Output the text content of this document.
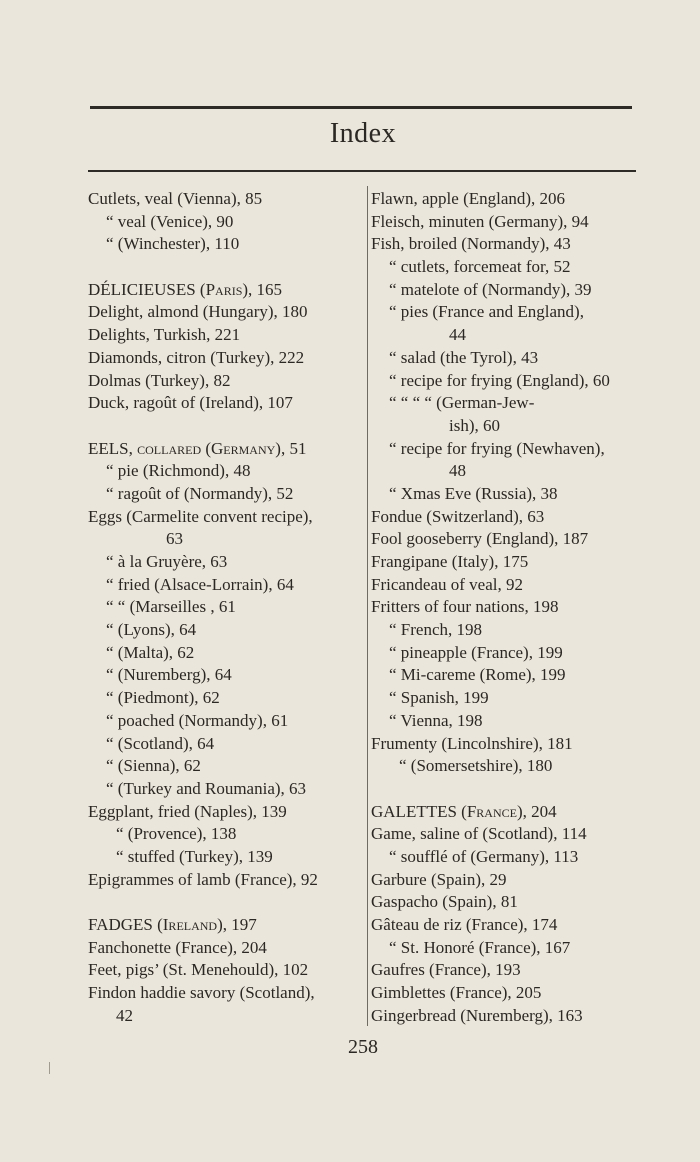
Index
Cutlets, veal (Vienna), 85
“ veal (Venice), 90
“ (Winchester), 110
DÉLICIEUSES (Paris), 165
Delight, almond (Hungary), 180
Delights, Turkish, 221
Diamonds, citron (Turkey), 222
Dolmas (Turkey), 82
Duck, ragoût of (Ireland), 107
EELS, collared (Germany), 51
“ pie (Richmond), 48
“ ragoût of (Normandy), 52
Eggs (Carmelite convent recipe),
63
“ à la Gruyère, 63
“ fried (Alsace-Lorrain), 64
“ “ (Marseilles , 61
“ (Lyons), 64
“ (Malta), 62
“ (Nuremberg), 64
“ (Piedmont), 62
“ poached (Normandy), 61
“ (Scotland), 64
“ (Sienna), 62
“ (Turkey and Roumania), 63
Eggplant, fried (Naples), 139
“ (Provence), 138
“ stuffed (Turkey), 139
Epigrammes of lamb (France), 92
FADGES (Ireland), 197
Fanchonette (France), 204
Feet, pigs’ (St. Menehould), 102
Findon haddie savory (Scotland),
42
Flawn, apple (England), 206
Fleisch, minuten (Germany), 94
Fish, broiled (Normandy), 43
“ cutlets, forcemeat for, 52
“ matelote of (Normandy), 39
“ pies (France and England),
44
“ salad (the Tyrol), 43
“ recipe for frying (England), 60
“ “ “ “ (German-Jew-
ish), 60
“ recipe for frying (Newhaven),
48
“ Xmas Eve (Russia), 38
Fondue (Switzerland), 63
Fool gooseberry (England), 187
Frangipane (Italy), 175
Fricandeau of veal, 92
Fritters of four nations, 198
“ French, 198
“ pineapple (France), 199
“ Mi-careme (Rome), 199
“ Spanish, 199
“ Vienna, 198
Frumenty (Lincolnshire), 181
“ (Somersetshire), 180
GALETTES (France), 204
Game, saline of (Scotland), 114
“ soufflé of (Germany), 113
Garbure (Spain), 29
Gaspacho (Spain), 81
Gâteau de riz (France), 174
“ St. Honoré (France), 167
Gaufres (France), 193
Gimblettes (France), 205
Gingerbread (Nuremberg), 163
258
